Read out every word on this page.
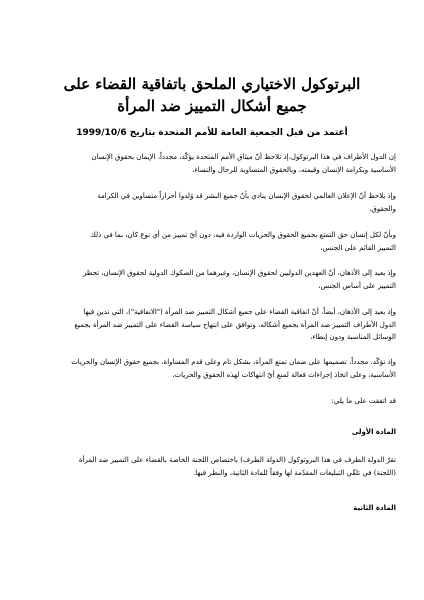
البرتوكول الاختياري الملحق باتفاقية القضاء على
جميع أشكال التمييز ضد المرأة
أعتمد من قبل الجمعية العامة للأمم المتحدة بتاريخ 1999/10/6
إن الدول الأطراف في هذا البرتوكول،إذ تلاحظ أنّ ميثاق الأمم المتحدة يؤكّد، مجدداً، الإيمان بحقوق الإنسان
الأساسية وبكرامة الإنسان وقيمته، وبالحقوق المتساوية للرجال والنساء،
وإذ يلاحظ أنّ الإعلان العالمي لحقوق الإنسان ينادي بأنّ جميع البشر قد وُلدوا أحراراً متساوين في الكرامة
والحقوق،
وبأنّ لكل إنسان حق التمتع بجميع الحقوق والحريات الواردة فيه، دون أيّ تمييز من أي نوع كان، بما في ذلك
التمييز القائم على الجنس،
وإذ يعيد إلى الأذهان، أنّ العهدين الدوليين لحقوق الإنسان، وغيرهما من الصكوك الدولية لحقوق الإنسان، تحظر
التمييز على أساس الجنس،
وإذ يعيد إلى الأذهان، أيضاً، أنّ اتفاقية القضاء على جميع أشكال التمييز ضد المرأة ("الاتفاقية")، التي تدين فيها
الدول الأطراف التمييز ضد المرأة بجميع أشكاله، وتوافق على انتهاج سياسة القضاء على التمييز ضد المرأة بجميع
الوسائل المناسبة ودون إبطاء،
وإذ تؤكّد، مجدداً، تصميمها على ضمان تمتع المرأة، بشكل تام وعلى قدم المساواة، بجميع حقوق الإنسان والحريات
الأساسية، وعلى اتخاذ إجراءات فعالة لمنع أيّ انتهاكات لهذه الحقوق والحريات،
قد اتفقت على ما يلي:
المادة الأولى
تقرّ الدولة الطرف في هذا البروتوكول (الدولة الطرف) باختصاص اللجنة الخاصة بالقضاء على التمييز ضد المرأة
(اللجنة) في تلقّي التبليغات المقدّمة لها وفقاً للمادة الثانية، والنظر فيها.
المادة الثانية
